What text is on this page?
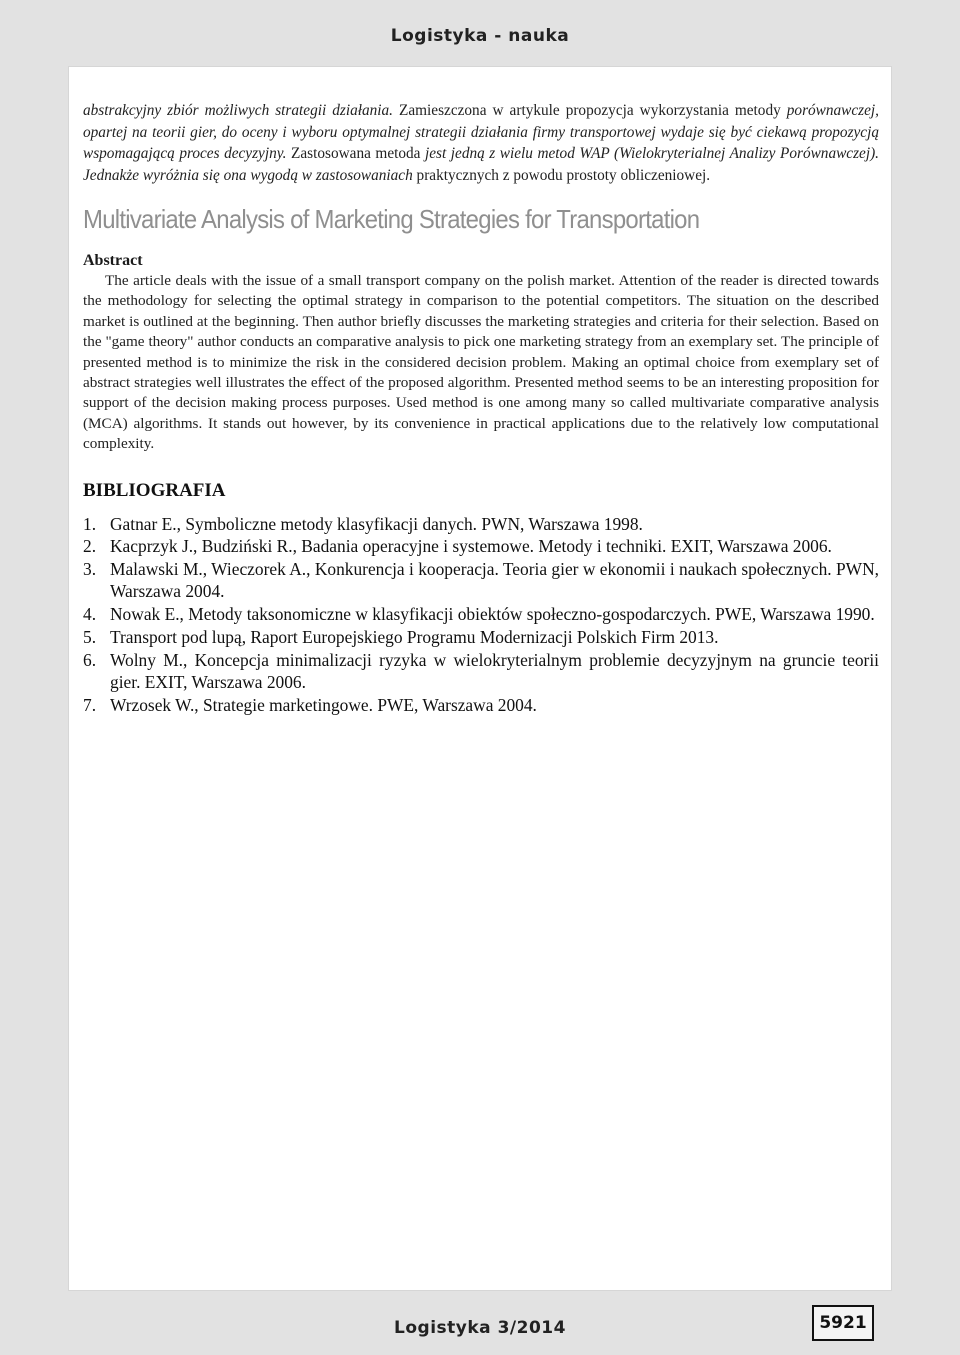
Logistyka - nauka

abstrakcyjny zbiór możliwych strategii działania. Zamieszczona w artykule propozycja wykorzystania metody porównawczej, opartej na teorii gier, do oceny i wyboru optymalnej strategii działania firmy transportowej wydaje się być ciekawą propozycją wspomagającą proces decyzyjny. Zastosowana metoda jest jedną z wielu metod WAP (Wielokryterialnej Analizy Porównawczej). Jednakże wyróżnia się ona wygodą w zastosowaniach praktycznych z powodu prostoty obliczeniowej.

Multivariate Analysis of Marketing Strategies for Transportation
Abstract

The article deals with the issue of a small transport company on the polish market. Attention of the reader is directed towards the methodology for selecting the optimal strategy in comparison to the potential competitors. The situation on the described market is outlined at the beginning. Then author briefly discusses the marketing strategies and criteria for their selection. Based on the "game theory" author conducts an comparative analysis to pick one marketing strategy from an exemplary set. The principle of presented method is to minimize the risk in the considered decision problem. Making an optimal choice from exemplary set of abstract strategies well illustrates the effect of the proposed algorithm. Presented method seems to be an interesting proposition for support of the decision making process purposes. Used method is one among many so called multivariate comparative analysis (MCA) algorithms. It stands out however, by its convenience in practical applications due to the relatively low computational complexity.

BIBLIOGRAFIA
1. Gatnar E., Symboliczne metody klasyfikacji danych. PWN, Warszawa 1998.
2. Kacprzyk J., Budziński R., Badania operacyjne i systemowe. Metody i techniki. EXIT, Warszawa 2006.
3. Malawski M., Wieczorek A., Konkurencja i kooperacja. Teoria gier w ekonomii i naukach społecznych. PWN, Warszawa 2004.
4. Nowak E., Metody taksonomiczne w klasyfikacji obiektów społeczno-gospodarczych. PWE, Warszawa 1990.
5. Transport pod lupą, Raport Europejskiego Programu Modernizacji Polskich Firm 2013.
6. Wolny M., Koncepcja minimalizacji ryzyka w wielokryterialnym problemie decyzyjnym na gruncie teorii gier. EXIT, Warszawa 2006.
7. Wrzosek W., Strategie marketingowe. PWE, Warszawa 2004.
Logistyka 3/2014	5921
